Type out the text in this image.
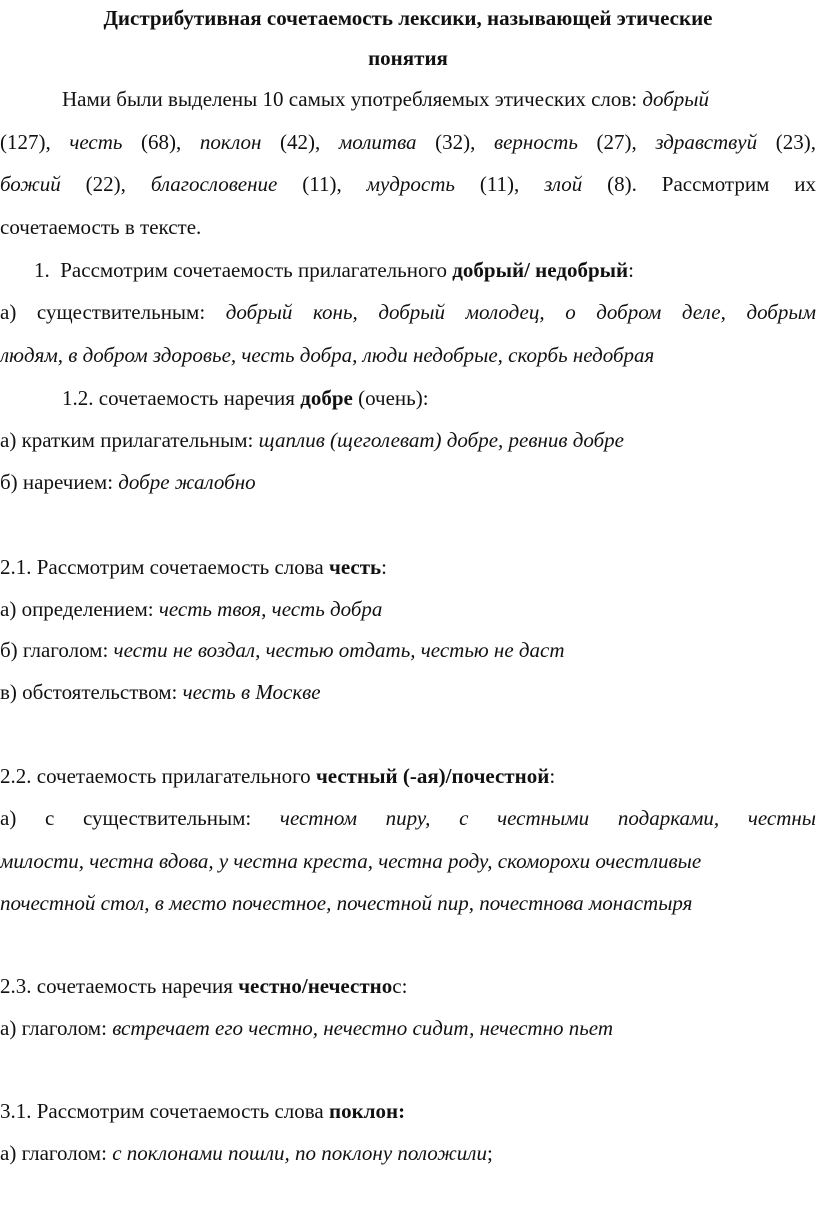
Дистрибутивная сочетаемость лексики, называющей этические
понятия
Нами были выделены 10 самых употребляемых этических слов: добрый
(127), честь (68), поклон (42), молитва (32), верность (27), здравствуй (23),
божий (22), благословение (11), мудрость (11), злой (8). Рассмотрим их
сочетаемость в тексте.
1. Рассмотрим сочетаемость прилагательного добрый/ недобрый:
а) существительным: добрый конь, добрый молодец, о добром деле, добрым
людям, в добром здоровье, честь добра, люди недобрые, скорбь недобрая
1.2. сочетаемость наречия добре (очень):
а) кратким прилагательным: щаплив (щеголеват) добре, ревнив добре
б) наречием: добре жалобно
2.1. Рассмотрим сочетаемость слова честь:
а) определением: честь твоя, честь добра
б) глаголом: чести не воздал, честью отдать, честью не даст
в) обстоятельством: честь в Москве
2.2. сочетаемость прилагательного честный (-ая)/почестной:
а) с существительным: честном пиру, с честными подарками, честны
милости, честна вдова, у честна креста, честна роду, скоморохи очестливые
почестной стол, в место почестное, почестной пир, почестнова монастыря
2.3. сочетаемость наречия честно/нечестнос:
а) глаголом: встречает его честно, нечестно сидит, нечестно пьет
3.1. Рассмотрим сочетаемость слова поклон:
а) глаголом: с поклонами пошли, по поклону положили;
